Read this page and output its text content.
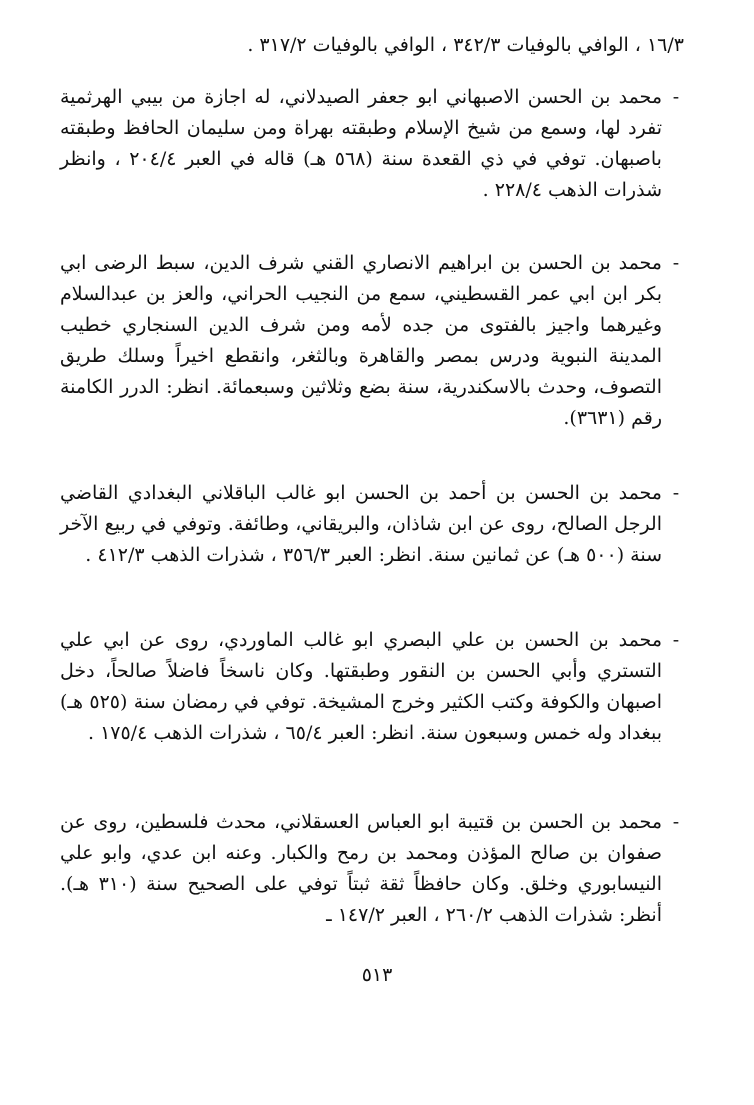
١٦/٣ ، الوافي بالوفيات ٣٤٢/٣ ، الوافي بالوفيات ٣١٧/٢ .
-
محمد بن الحسن الاصبهاني ابو جعفر الصيدلاني، له اجازة من بيبي الهرثمية تفرد لها، وسمع من شيخ الإسلام وطبقته بهراة ومن سليمان الحافظ وطبقته باصبهان. توفي في ذي القعدة سنة (٥٦٨ هـ) قاله في العبر ٢٠٤/٤ ، وانظر شذرات الذهب ٢٢٨/٤ .
-
محمد بن الحسن بن ابراهيم الانصاري القني شرف الدين، سبط الرضى ابي بكر ابن ابي عمر القسطيني، سمع من النجيب الحراني، والعز بن عبدالسلام وغيرهما واجيز بالفتوى من جده لأمه ومن شرف الدين السنجاري خطيب المدينة النبوية ودرس بمصر والقاهرة وبالثغر، وانقطع اخيراً وسلك طريق التصوف، وحدث بالاسكندرية، سنة بضع وثلاثين وسبعمائة. انظر: الدرر الكامنة رقم (٣٦٣١).
-
محمد بن الحسن بن أحمد بن الحسن ابو غالب الباقلاني البغدادي القاضي الرجل الصالح، روى عن ابن شاذان، والبريقاني، وطائفة. وتوفي في ربيع الآخر سنة (٥٠٠ هـ) عن ثمانين سنة. انظر: العبر ٣٥٦/٣ ، شذرات الذهب ٤١٢/٣ .
-
محمد بن الحسن بن علي البصري ابو غالب الماوردي، روى عن ابي علي التستري وأبي الحسن بن النقور وطبقتها. وكان ناسخاً فاضلاً صالحاً، دخل اصبهان والكوفة وكتب الكثير وخرج المشيخة. توفي في رمضان سنة (٥٢٥ هـ) ببغداد وله خمس وسبعون سنة. انظر: العبر ٦٥/٤ ، شذرات الذهب ١٧٥/٤ .
-
محمد بن الحسن بن قتيبة ابو العباس العسقلاني، محدث فلسطين، روى عن صفوان بن صالح المؤذن ومحمد بن رمح والكبار. وعنه ابن عدي، وابو علي النيسابوري وخلق. وكان حافظاً ثقة ثبتاً توفي على الصحيح سنة (٣١٠ هـ). أنظر: شذرات الذهب ٢٦٠/٢ ، العبر ١٤٧/٢ ـ
٥١٣
